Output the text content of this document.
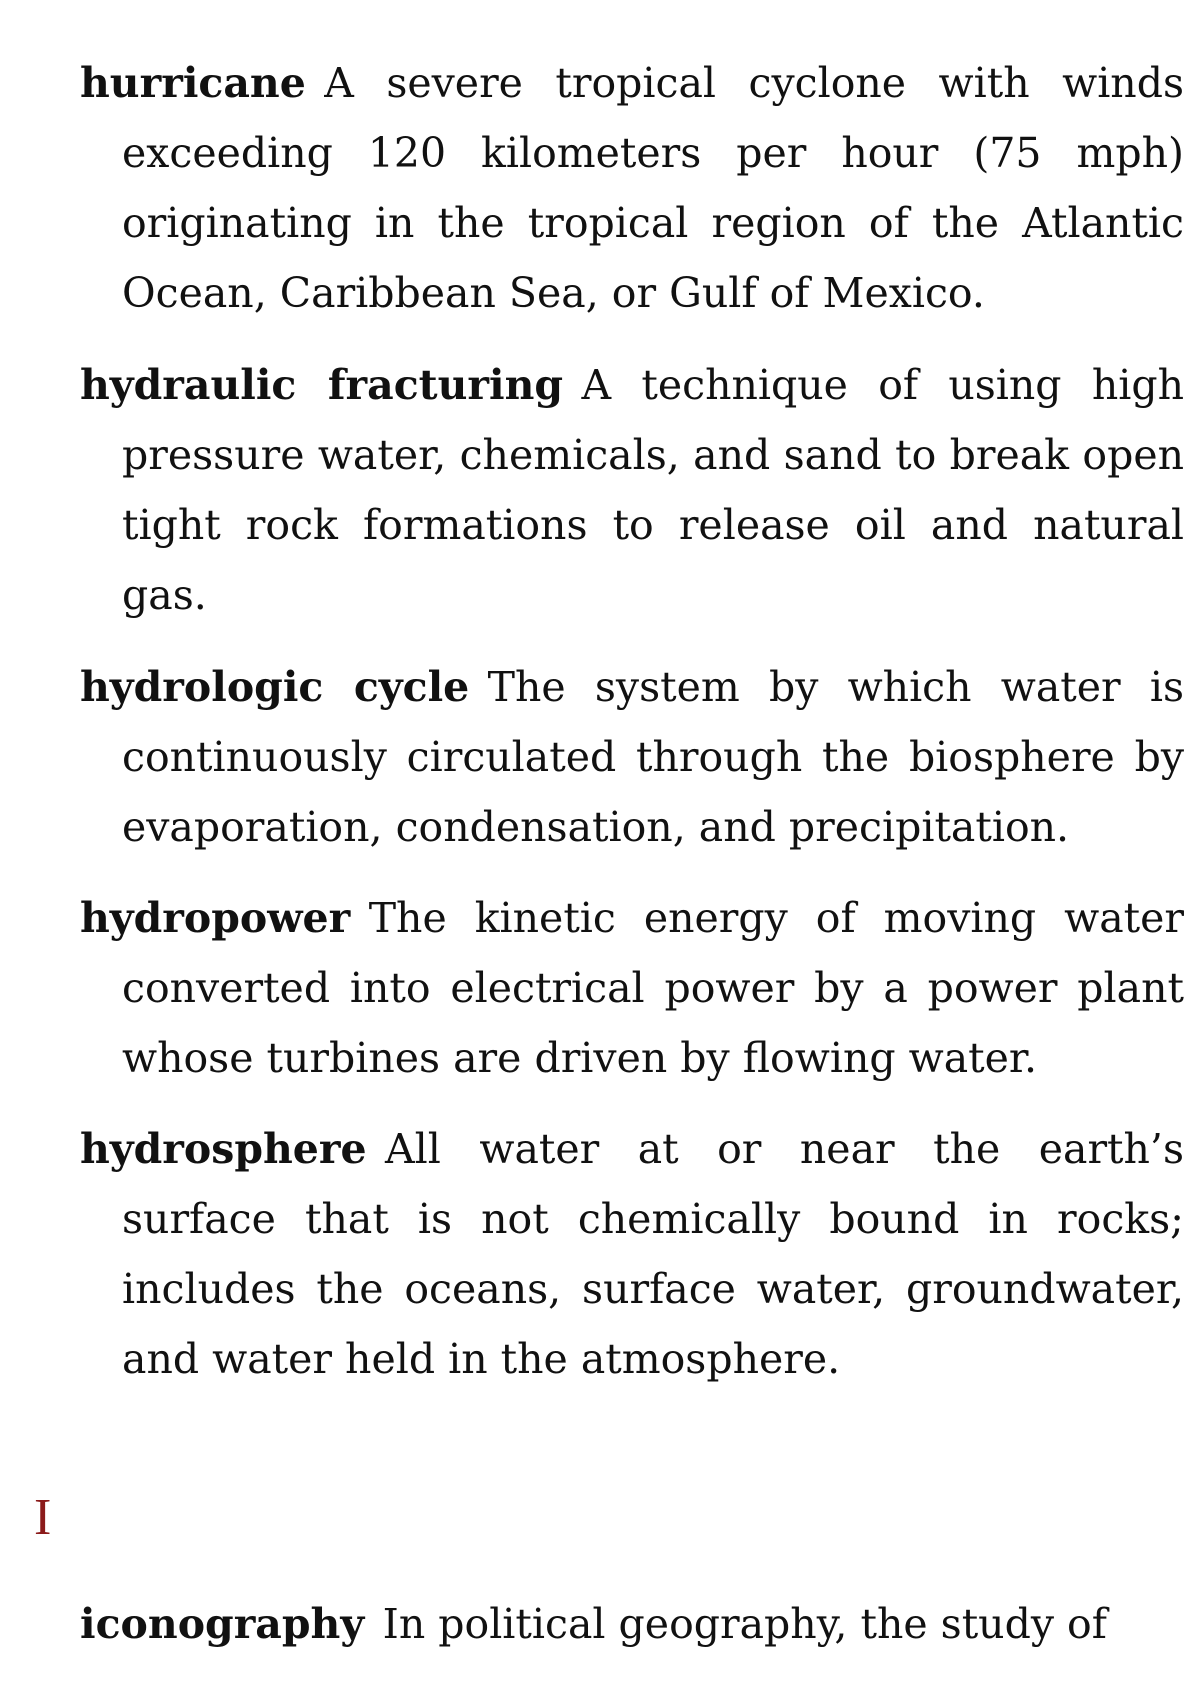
hurricane A severe tropical cyclone with winds exceeding 120 kilometers per hour (75 mph) originating in the tropical region of the Atlantic Ocean, Caribbean Sea, or Gulf of Mexico.

hydraulic fracturing A technique of using high pressure water, chemicals, and sand to break open tight rock formations to release oil and natural gas.

hydrologic cycle The system by which water is continuously circulated through the biosphere by evaporation, condensation, and precipitation.

hydropower The kinetic energy of moving water converted into electrical power by a power plant whose turbines are driven by flowing water.

hydrosphere All water at or near the earth’s surface that is not chemically bound in rocks; includes the oceans, surface water, groundwater, and water held in the atmosphere.

I

iconography In political geography, the study of
